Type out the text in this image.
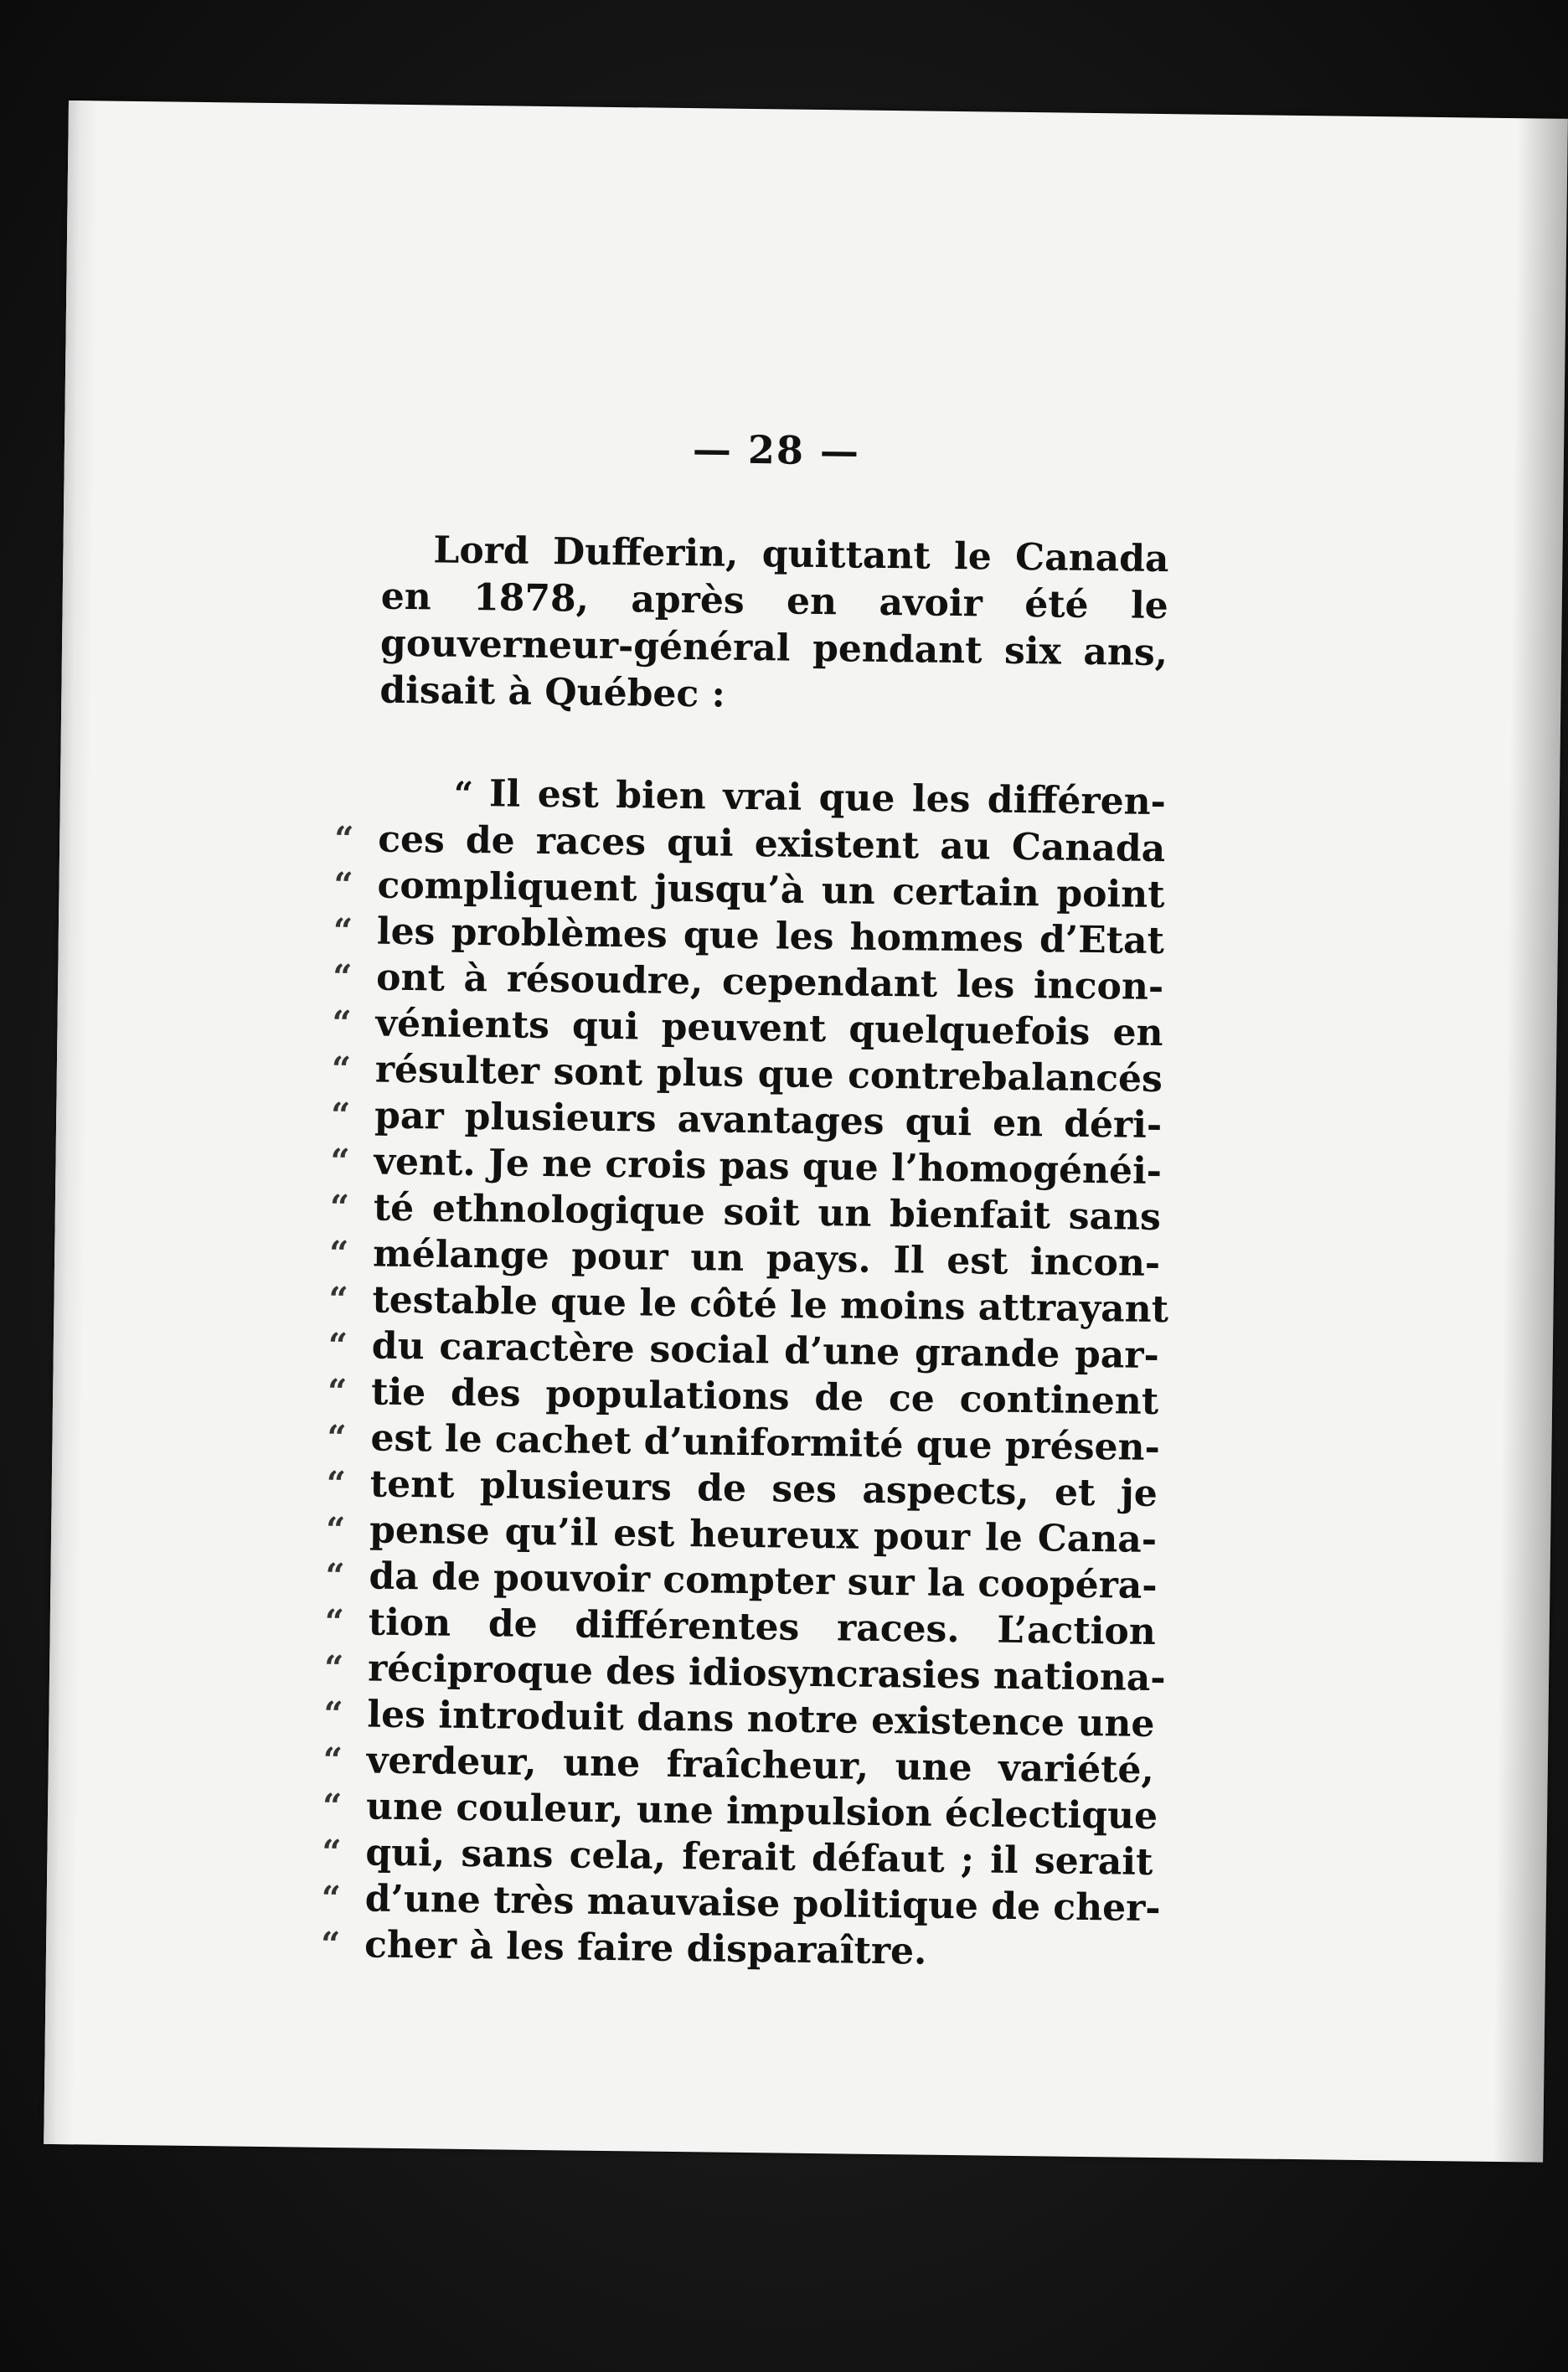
— 28 —

Lord Dufferin, quittant le Canada en 1878, après en avoir été le gouverneur-général pendant six ans, disait à Québec :

“ Il est bien vrai que les différen-
“ ces de races qui existent au Canada
“ compliquent jusqu’à un certain point
“ les problèmes que les hommes d’Etat
“ ont à résoudre, cependant les incon-
“ vénients qui peuvent quelquefois en
“ résulter sont plus que contrebalancés
“ par plusieurs avantages qui en déri-
“ vent. Je ne crois pas que l’homogénéi-
“ té ethnologique soit un bienfait sans
“ mélange pour un pays. Il est incon-
“ testable que le côté le moins attrayant
“ du caractère social d’une grande par-
“ tie des populations de ce continent
“ est le cachet d’uniformité que présen-
“ tent plusieurs de ses aspects, et je
“ pense qu’il est heureux pour le Cana-
“ da de pouvoir compter sur la coopéra-
“ tion de différentes races. L’action
“ réciproque des idiosyncrasies nationa-
“ les introduit dans notre existence une
“ verdeur, une fraîcheur, une variété,
“ une couleur, une impulsion éclectique
“ qui, sans cela, ferait défaut ; il serait
“ d’une très mauvaise politique de cher-
“ cher à les faire disparaître.
